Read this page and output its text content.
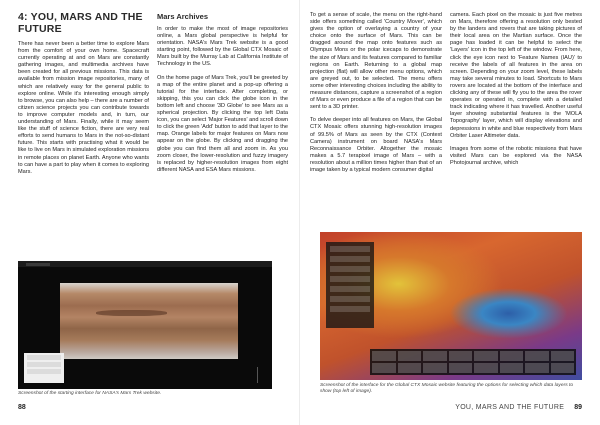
4: YOU, MARS AND THE FUTURE

There has never been a better time to explore Mars from the comfort of your own home. Spacecraft currently operating at and on Mars are constantly gathering images, and multimedia archives have been created for all previous missions. This data is available from mission image repositories, many of which are relatively easy for the general public to explore online. While it's interesting enough simply to browse, you can also help – there are a number of citizen science projects you can contribute towards to improve computer models and, in turn, our understanding of Mars. Finally, while it may seem like the stuff of science fiction, there are very real efforts to send humans to Mars in the not-so-distant future. This starts with practising what it would be like to live on Mars in simulated exploration missions in remote places on planet Earth. Anyone who wants to can have a part to play when it comes to exploring Mars.

Mars Archives

In order to make the most of image repositories online, a Mars global perspective is helpful for orientation. NASA's Mars Trek website is a good starting point, followed by the Global CTX Mosaic of Mars built by the Murray Lab at California Institute of Technology in the US.

On the home page of Mars Trek, you'll be greeted by a map of the entire planet and a pop-up offering a tutorial for the interface. After completing, or skipping, this you can click the globe icon in the bottom left and choose '3D Globe' to see Mars as a spherical projection. By clicking the top left Data icon, you can select 'Major Features' and scroll down to click the green 'Add' button to add that layer to the map. Orange labels for major features on Mars now appear on the globe. By clicking and dragging the globe you can find them all and zoom in. As you zoom closer, the lower-resolution and fuzzy imagery is replaced by higher-resolution images from eight different NASA and ESA Mars missions.

Screenshot of the starting interface for NASA's Mars Trek website.
88

To get a sense of scale, the menu on the right-hand side offers something called 'Country Mover', which gives the option of overlaying a country of your choice onto the surface of Mars. This can be dragged around the map onto features such as Olympus Mons or the polar icecaps to demonstrate the size of Mars and its features compared to familiar regions on Earth. Returning to a global map projection (flat) will allow other menu options, which are greyed out, to be selected. The menu offers some other interesting choices including the ability to measure distances, capture a screenshot of a region of Mars or even produce a file of a region that can be sent to a 3D printer.

To delve deeper into all features on Mars, the Global CTX Mosaic offers stunning high-resolution images of 99.5% of Mars as seen by the CTX (Context Camera) instrument on board NASA's Mars Reconnaissance Orbiter. Altogether the mosaic makes a 5.7 terapixel image of Mars – with a resolution about a million times higher than that of an image taken by a typical modern consumer digital

camera. Each pixel on the mosaic is just five metres on Mars, therefore offering a resolution only bested by the landers and rovers that are taking pictures of their local area on the Martian surface. Once the page has loaded it can be helpful to select the 'Layers' icon in the top left of the window. From here, click the eye icon next to 'Feature Names (IAU)' to receive the labels of all features in the area on screen. Depending on your zoom level, these labels may take several minutes to load. Shortcuts to Mars rovers are located at the bottom of the interface and clicking any of these will fly you to the area the rover operates or operated in, complete with a detailed track indicating where it has travelled. Another useful layer showing substantial features is the 'MOLA Topography' layer, which will display elevations and depressions in white and blue respectively from Mars Orbiter Laser Altimeter data.

Images from some of the robotic missions that have visited Mars can be explored via the NASA Photojournal archive, which

Screenshot of the interface for the Global CTX Mosaic website featuring the options for selecting which data layers to show (top left of image).
YOU, MARS AND THE FUTURE 89
